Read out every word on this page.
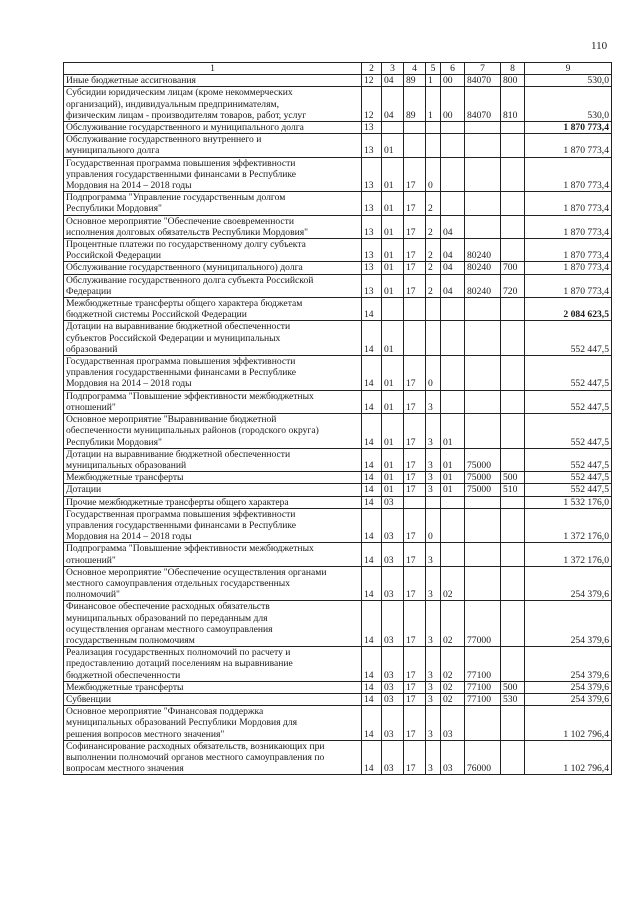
110
1	2	3	4	5	6	7	8	9
Иные бюджетные ассигнования	12	04	89	1	00	84070	800	530,0
Субсидии юридическим лицам (кроме некоммерческих
организаций), индивидуальным предпринимателям,
физическим лицам - производителям товаров, работ, услуг	12	04	89	1	00	84070	810	530,0
Обслуживание государственного и муниципального долга	13							1 870 773,4
Обслуживание государственного внутреннего и
муниципального долга	13	01						1 870 773,4
Государственная программа повышения эффективности
управления государственными финансами в Республике
Мордовия на 2014 – 2018 годы	13	01	17	0				1 870 773,4
Подпрограмма "Управление государственным долгом
Республики Мордовия"	13	01	17	2				1 870 773,4
Основное мероприятие "Обеспечение своевременности
исполнения долговых обязательств Республики Мордовия"	13	01	17	2	04			1 870 773,4
Процентные платежи по государственному долгу субъекта
Российской Федерации	13	01	17	2	04	80240		1 870 773,4
Обслуживание государственного (муниципального) долга	13	01	17	2	04	80240	700	1 870 773,4
Обслуживание государственного долга субъекта Российской
Федерации	13	01	17	2	04	80240	720	1 870 773,4
Межбюджетные трансферты общего характера бюджетам
бюджетной системы Российской Федерации	14							2 084 623,5
Дотации на выравнивание бюджетной обеспеченности
субъектов Российской Федерации и муниципальных
образований	14	01						552 447,5
Государственная программа повышения эффективности
управления государственными финансами в Республике
Мордовия на 2014 – 2018 годы	14	01	17	0				552 447,5
Подпрограмма "Повышение эффективности межбюджетных
отношений"	14	01	17	3				552 447,5
Основное мероприятие "Выравнивание бюджетной
обеспеченности муниципальных районов (городского округа)
Республики Мордовия"	14	01	17	3	01			552 447,5
Дотации на выравнивание бюджетной обеспеченности
муниципальных образований	14	01	17	3	01	75000		552 447,5
Межбюджетные трансферты	14	01	17	3	01	75000	500	552 447,5
Дотации	14	01	17	3	01	75000	510	552 447,5
Прочие межбюджетные трансферты общего характера	14	03						1 532 176,0
Государственная программа повышения эффективности
управления государственными финансами в Республике
Мордовия на 2014 – 2018 годы	14	03	17	0				1 372 176,0
Подпрограмма "Повышение эффективности межбюджетных
отношений"	14	03	17	3				1 372 176,0
Основное мероприятие "Обеспечение осуществления органами
местного самоуправления отдельных государственных
полномочий"	14	03	17	3	02			254 379,6
Финансовое обеспечение расходных обязательств
муниципальных образований по переданным для
осуществления органам местного самоуправления
государственным полномочиям	14	03	17	3	02	77000		254 379,6
Реализация государственных полномочий по расчету и
предоставлению дотаций поселениям на выравнивание
бюджетной обеспеченности	14	03	17	3	02	77100		254 379,6
Межбюджетные трансферты	14	03	17	3	02	77100	500	254 379,6
Субвенции	14	03	17	3	02	77100	530	254 379,6
Основное мероприятие "Финансовая поддержка
муниципальных образований Республики Мордовия для
решения вопросов местного значения"	14	03	17	3	03			1 102 796,4
Софинансирование расходных обязательств, возникающих при
выполнении полномочий органов местного самоуправления по
вопросам местного значения	14	03	17	3	03	76000		1 102 796,4
